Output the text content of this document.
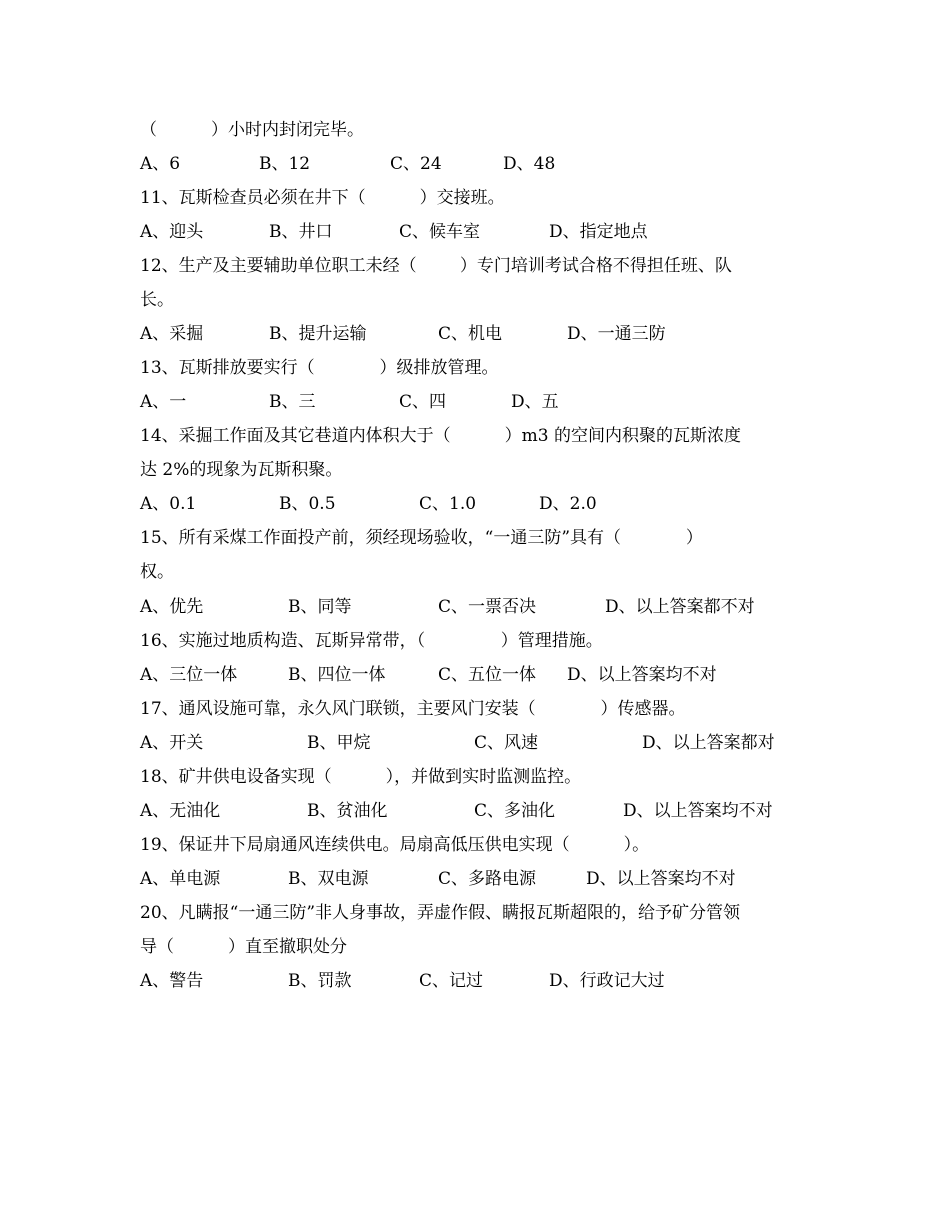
（          ）小时内封闭完毕。
A、6	B、12	C、24	D、48
11、瓦斯检查员必须在井下（          ）交接班。
A、迎头	B、井口	C、候车室	D、指定地点
12、生产及主要辅助单位职工未经（        ）专门培训考试合格不得担任班、队
长。
A、采掘	B、提升运输	C、机电	D、一通三防
13、瓦斯排放要实行（            ）级排放管理。
A、一	B、三	C、四	D、五
14、采掘工作面及其它巷道内体积大于（          ）m3 的空间内积聚的瓦斯浓度
达 2%的现象为瓦斯积聚。
A、0.1	B、0.5	C、1.0	D、2.0
15、所有采煤工作面投产前，须经现场验收，“一通三防”具有（            ）
权。
A、优先	B、同等	C、一票否决	D、以上答案都不对
16、实施过地质构造、瓦斯异常带，（              ）管理措施。
A、三位一体	B、四位一体	C、五位一体 D、以上答案均不对
17、通风设施可靠，永久风门联锁，主要风门安装（            ）传感器。
A、开关	B、甲烷	C、风速	D、以上答案都对
18、矿井供电设备实现（          ），并做到实时监测监控。
A、无油化	B、贫油化	C、多油化	D、以上答案均不对
19、保证井下局扇通风连续供电。局扇高低压供电实现（          ）。
A、单电源	B、双电源	C、多路电源	D、以上答案均不对
20、凡瞒报“一通三防”非人身事故，弄虚作假、瞒报瓦斯超限的，给予矿分管领
导（          ）直至撤职处分
A、警告	B、罚款	C、记过	D、行政记大过
